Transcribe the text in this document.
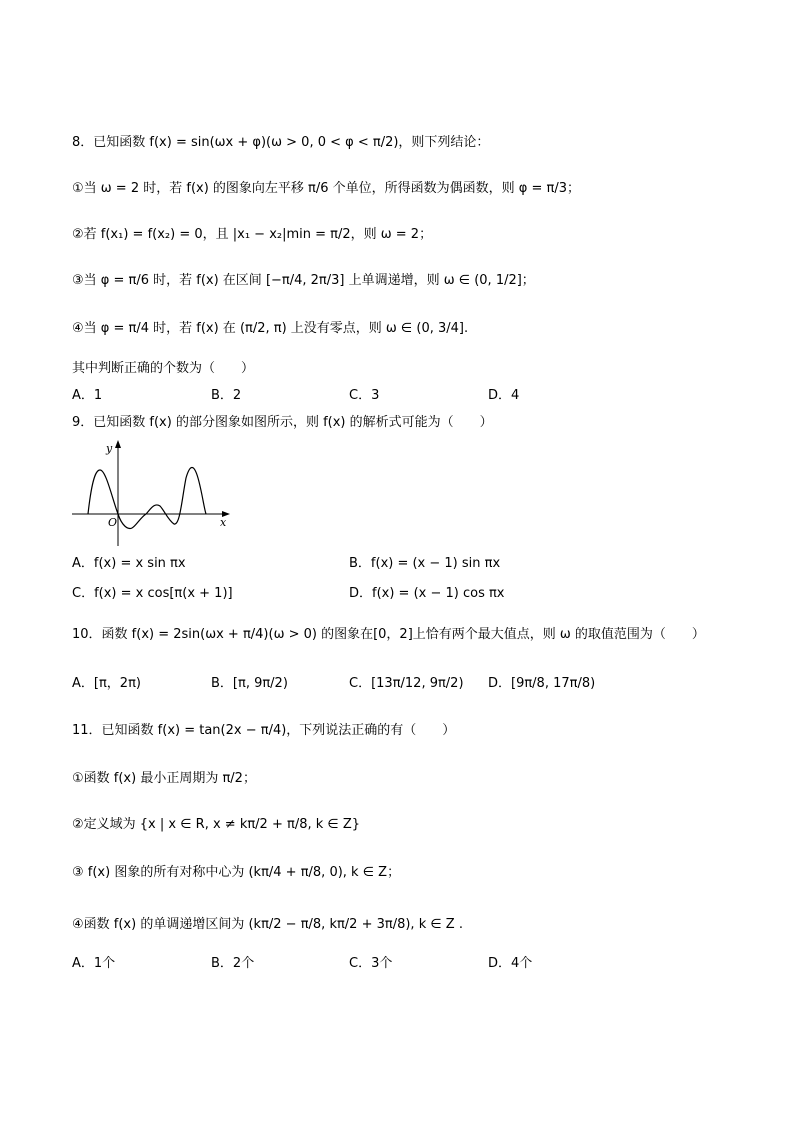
8．已知函数 f(x) = sin(ωx + φ)(ω > 0, 0 < φ < π/2)，则下列结论：
①当 ω = 2 时，若 f(x) 的图象向左平移 π/6 个单位，所得函数为偶函数，则 φ = π/3；
②若 f(x₁) = f(x₂) = 0，且 |x₁ − x₂|min = π/2，则 ω = 2；
③当 φ = π/6 时，若 f(x) 在区间 [−π/4, 2π/3] 上单调递增，则 ω ∈ (0, 1/2]；
④当 φ = π/4 时，若 f(x) 在 (π/2, π) 上没有零点，则 ω ∈ (0, 3/4].
其中判断正确的个数为（　　）
A．1	B．2	C．3	D．4
9．已知函数 f(x) 的部分图象如图所示，则 f(x) 的解析式可能为（　　）
y
x
O
A．f(x) = x sin πx	B．f(x) = (x − 1) sin πx
C．f(x) = x cos[π(x + 1)]	D．f(x) = (x − 1) cos πx
10．函数 f(x) = 2sin(ωx + π/4)(ω > 0) 的图象在[0，2]上恰有两个最大值点，则 ω 的取值范围为（　　）
A．[π，2π)	B．[π, 9π/2)	C．[13π/12, 9π/2) D．[9π/8, 17π/8)
11．已知函数 f(x) = tan(2x − π/4)，下列说法正确的有（　　）
①函数 f(x) 最小正周期为 π/2；
②定义域为 {x | x ∈ R, x ≠ kπ/2 + π/8, k ∈ Z}
③ f(x) 图象的所有对称中心为 (kπ/4 + π/8, 0), k ∈ Z；
④函数 f(x) 的单调递增区间为 (kπ/2 − π/8, kπ/2 + 3π/8), k ∈ Z .
A．1个	B．2个	C．3个	D．4个
